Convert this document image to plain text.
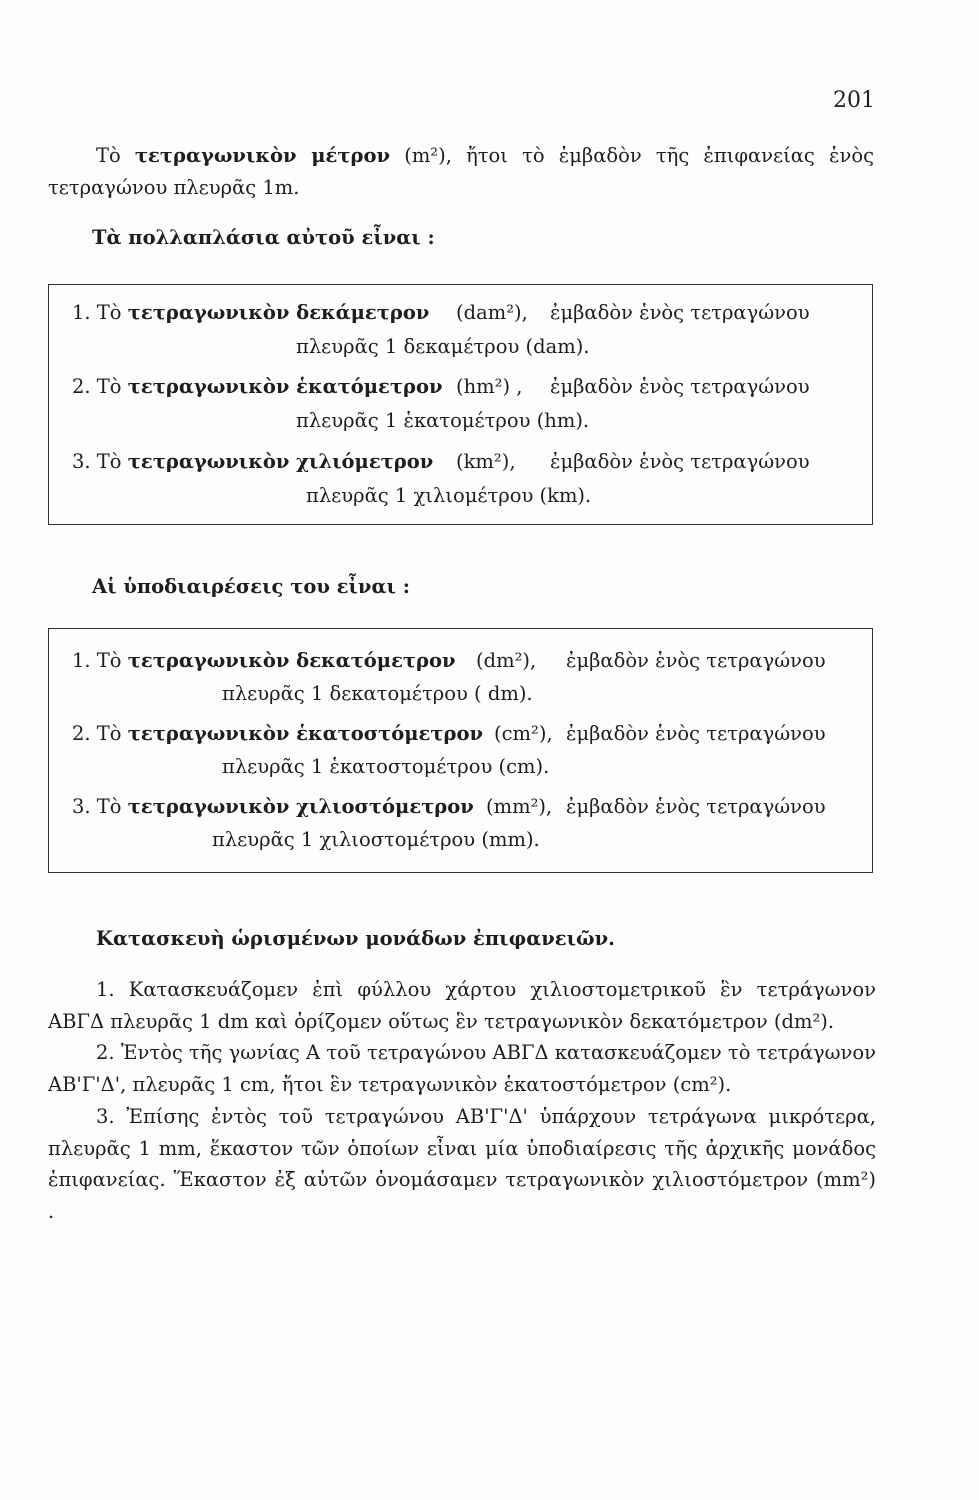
201
Τὸ τετραγωνικὸν μέτρον (m²), ἤτοι τὸ ἐμβαδὸν τῆς ἐπιφανείας ἑνὸς τετραγώνου πλευρᾶς 1m.
Τὰ πολλαπλάσια αὐτοῦ εἶναι :
1. Τὸ τετραγωνικὸν δεκάμετρον (dam²), ἐμβαδὸν ἑνὸς τετραγώνου
πλευρᾶς 1 δεκαμέτρου (dam).
2. Τὸ τετραγωνικὸν ἑκατόμετρον (hm²) , ἐμβαδὸν ἑνὸς τετραγώνου
πλευρᾶς 1 ἑκατομέτρου (hm).
3. Τὸ τετραγωνικὸν χιλιόμετρον (km²), ἐμβαδὸν ἑνὸς τετραγώνου
πλευρᾶς 1 χιλιομέτρου (km).
Αἱ ὑποδιαιρέσεις του εἶναι :
1. Τὸ τετραγωνικὸν δεκατόμετρον (dm²), ἐμβαδὸν ἑνὸς τετραγώνου
πλευρᾶς 1 δεκατομέτρου ( dm).
2. Τὸ τετραγωνικὸν ἑκατοστόμετρον (cm²), ἐμβαδὸν ἑνὸς τετραγώνου
πλευρᾶς 1 ἑκατοστομέτρου (cm).
3. Τὸ τετραγωνικὸν χιλιοστόμετρον (mm²), ἐμβαδὸν ἑνὸς τετραγώνου
πλευρᾶς 1 χιλιοστομέτρου (mm).
Κατασκευὴ ὡρισμένων μονάδων ἐπιφανειῶν.

1. Κατασκευάζομεν ἐπὶ φύλλου χάρτου χιλιοστομετρικοῦ ἓν τετράγωνον ΑΒΓΔ πλευρᾶς 1 dm καὶ ὁρίζομεν οὕτως ἓν τετραγωνικὸν δεκατόμετρον (dm²).

2. Ἐντὸς τῆς γωνίας Α τοῦ τετραγώνου ΑΒΓΔ κατασκευάζομεν τὸ τετράγωνον ΑΒ'Γ'Δ', πλευρᾶς 1 cm, ἤτοι ἓν τετραγωνικὸν ἑκατοστόμετρον (cm²).

3. Ἐπίσης ἐντὸς τοῦ τετραγώνου ΑΒ'Γ'Δ' ὑπάρχουν τετράγωνα μικρότερα, πλευρᾶς 1 mm, ἕκαστον τῶν ὁποίων εἶναι μία ὑποδιαίρεσις τῆς ἀρχικῆς μονάδος ἐπιφανείας. Ἕκαστον ἐξ αὐτῶν ὀνομάσαμεν τετραγωνικὸν χιλιοστόμετρον (mm²) .
